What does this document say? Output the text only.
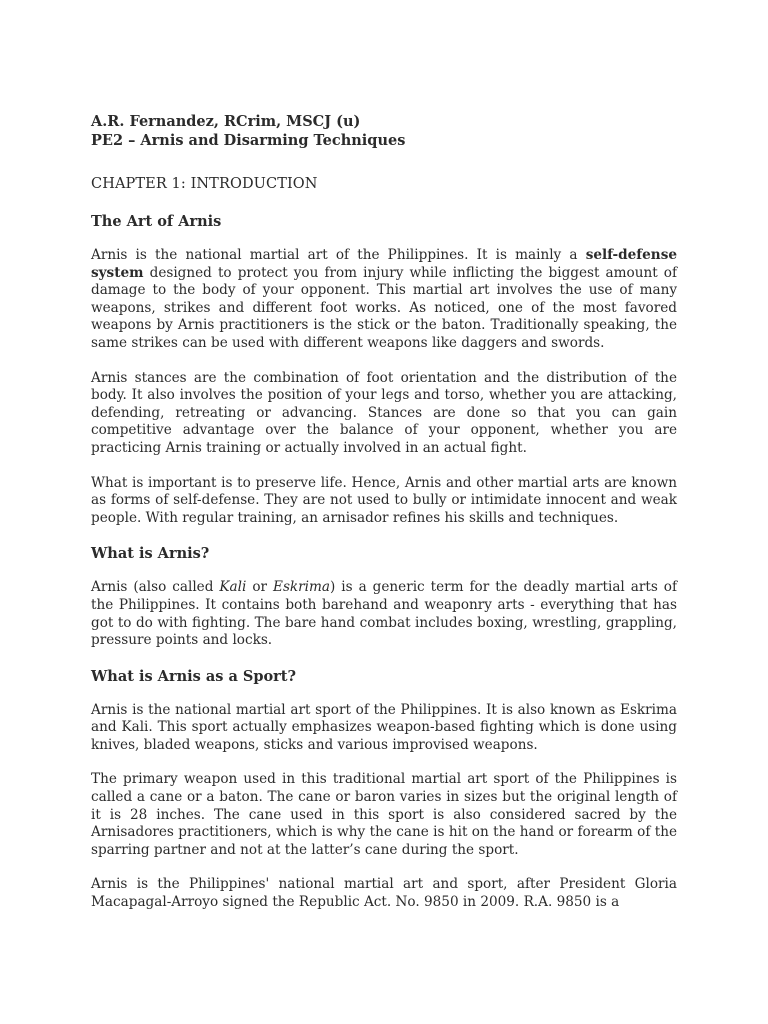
A.R. Fernandez, RCrim, MSCJ (u)

PE2 – Arnis and Disarming Techniques

CHAPTER 1: INTRODUCTION

The Art of Arnis

Arnis is the national martial art of the Philippines. It is mainly a self-defense system designed to protect you from injury while inflicting the biggest amount of damage to the body of your opponent. This martial art involves the use of many weapons, strikes and different foot works. As noticed, one of the most favored weapons by Arnis practitioners is the stick or the baton. Traditionally speaking, the same strikes can be used with different weapons like daggers and swords.

Arnis stances are the combination of foot orientation and the distribution of the body. It also involves the position of your legs and torso, whether you are attacking, defending, retreating or advancing. Stances are done so that you can gain competitive advantage over the balance of your opponent, whether you are practicing Arnis training or actually involved in an actual fight.

What is important is to preserve life. Hence, Arnis and other martial arts are known as forms of self-defense. They are not used to bully or intimidate innocent and weak people. With regular training, an arnisador refines his skills and techniques.

What is Arnis?

Arnis (also called Kali or Eskrima) is a generic term for the deadly martial arts of the Philippines. It contains both barehand and weaponry arts - everything that has got to do with fighting. The bare hand combat includes boxing, wrestling, grappling, pressure points and locks.

What is Arnis as a Sport?

Arnis is the national martial art sport of the Philippines. It is also known as Eskrima and Kali. This sport actually emphasizes weapon-based fighting which is done using knives, bladed weapons, sticks and various improvised weapons.

The primary weapon used in this traditional martial art sport of the Philippines is called a cane or a baton. The cane or baron varies in sizes but the original length of it is 28 inches. The cane used in this sport is also considered sacred by the Arnisadores practitioners, which is why the cane is hit on the hand or forearm of the sparring partner and not at the latter’s cane during the sport.

Arnis is the Philippines' national martial art and sport, after President Gloria Macapagal-Arroyo signed the Republic Act. No. 9850 in 2009. R.A. 9850 is a
